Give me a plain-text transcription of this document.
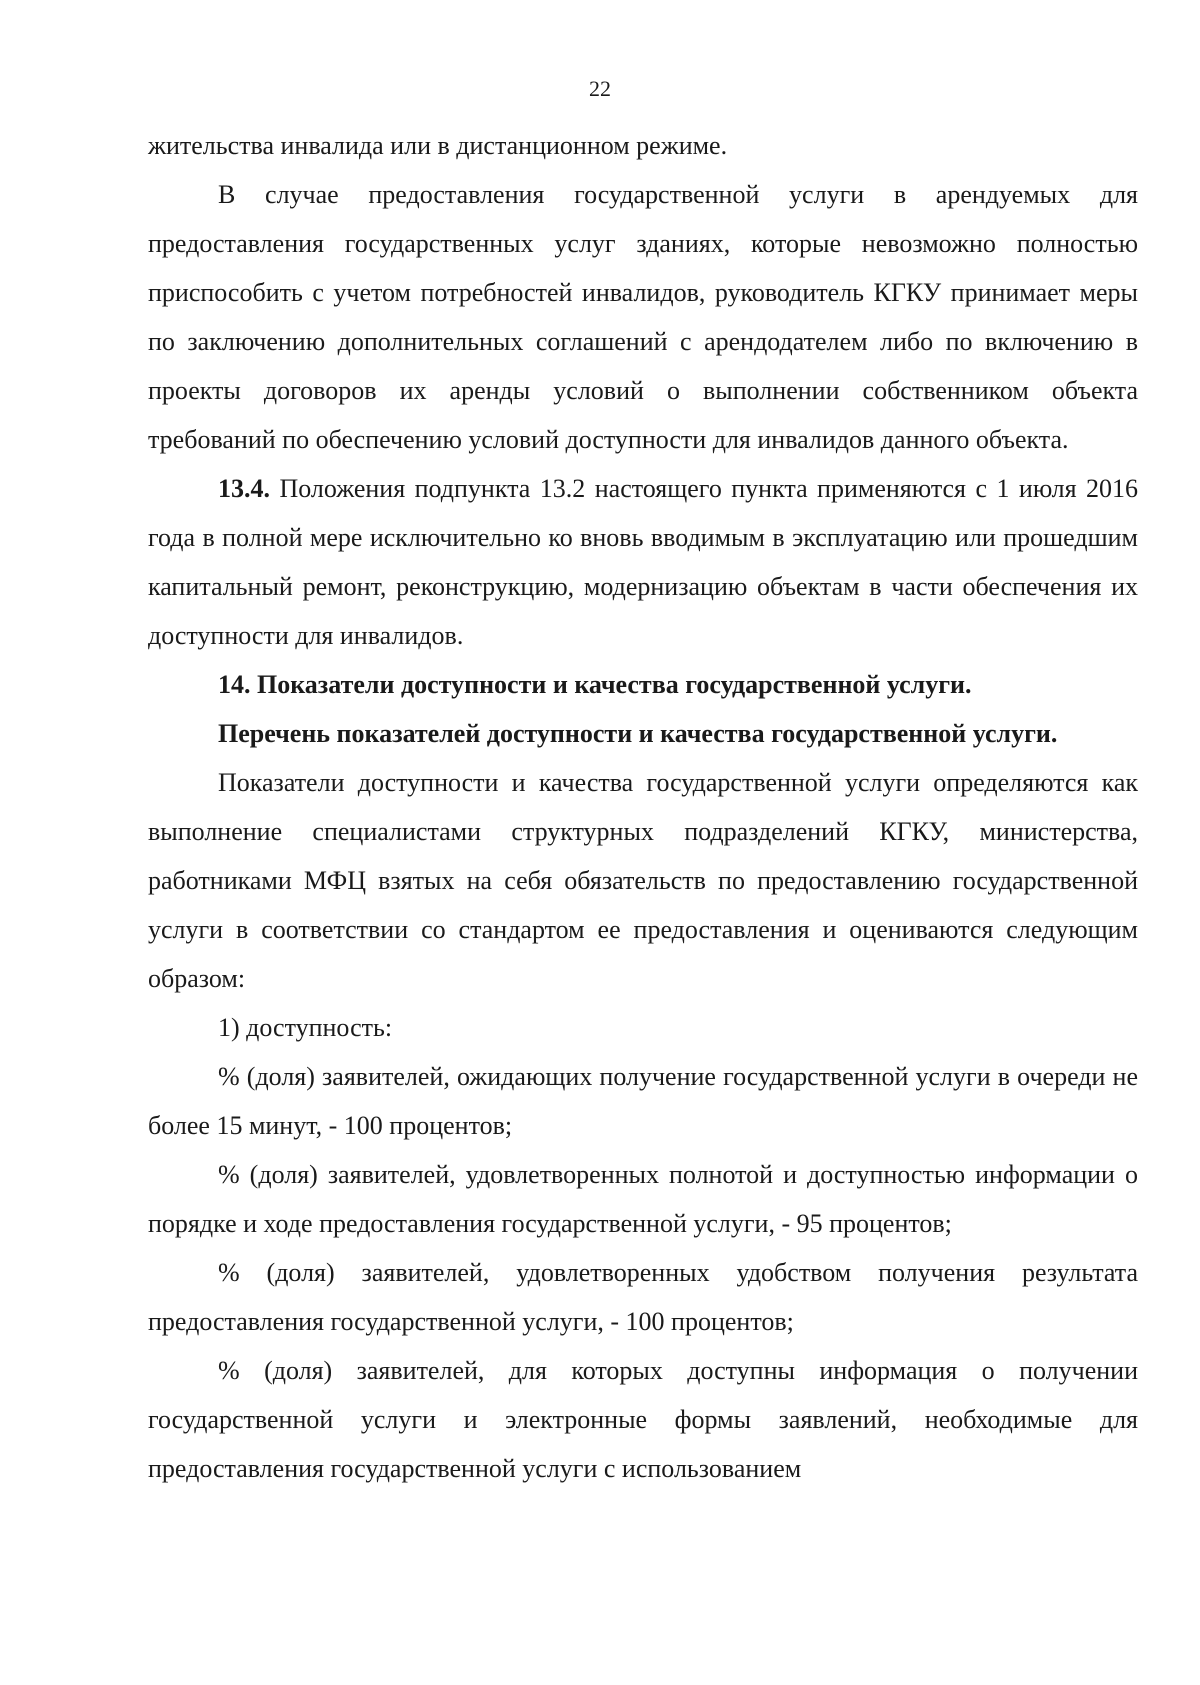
22

жительства инвалида или в дистанционном режиме.

В случае предоставления государственной услуги в арендуемых для предоставления государственных услуг зданиях, которые невозможно полностью приспособить с учетом потребностей инвалидов, руководитель КГКУ принимает меры по заключению дополнительных соглашений с арендодателем либо по включению в проекты договоров их аренды условий о выполнении собственником объекта требований по обеспечению условий доступности для инвалидов данного объекта.

13.4. Положения подпункта 13.2 настоящего пункта применяются с 1 июля 2016 года в полной мере исключительно ко вновь вводимым в эксплуатацию или прошедшим капитальный ремонт, реконструкцию, модернизацию объектам в части обеспечения их доступности для инвалидов.

14. Показатели доступности и качества государственной услуги.

Перечень показателей доступности и качества государственной услуги.

Показатели доступности и качества государственной услуги определяются как выполнение специалистами структурных подразделений КГКУ, министерства, работниками МФЦ взятых на себя обязательств по предоставлению государственной услуги в соответствии со стандартом ее предоставления и оцениваются следующим образом:

1) доступность:

% (доля) заявителей, ожидающих получение государственной услуги в очереди не более 15 минут, - 100 процентов;

% (доля) заявителей, удовлетворенных полнотой и доступностью информации о порядке и ходе предоставления государственной услуги, - 95 процентов;

% (доля) заявителей, удовлетворенных удобством получения результата предоставления государственной услуги, - 100 процентов;

% (доля) заявителей, для которых доступны информация о получении государственной услуги и электронные формы заявлений, необходимые для предоставления государственной услуги с использованием
